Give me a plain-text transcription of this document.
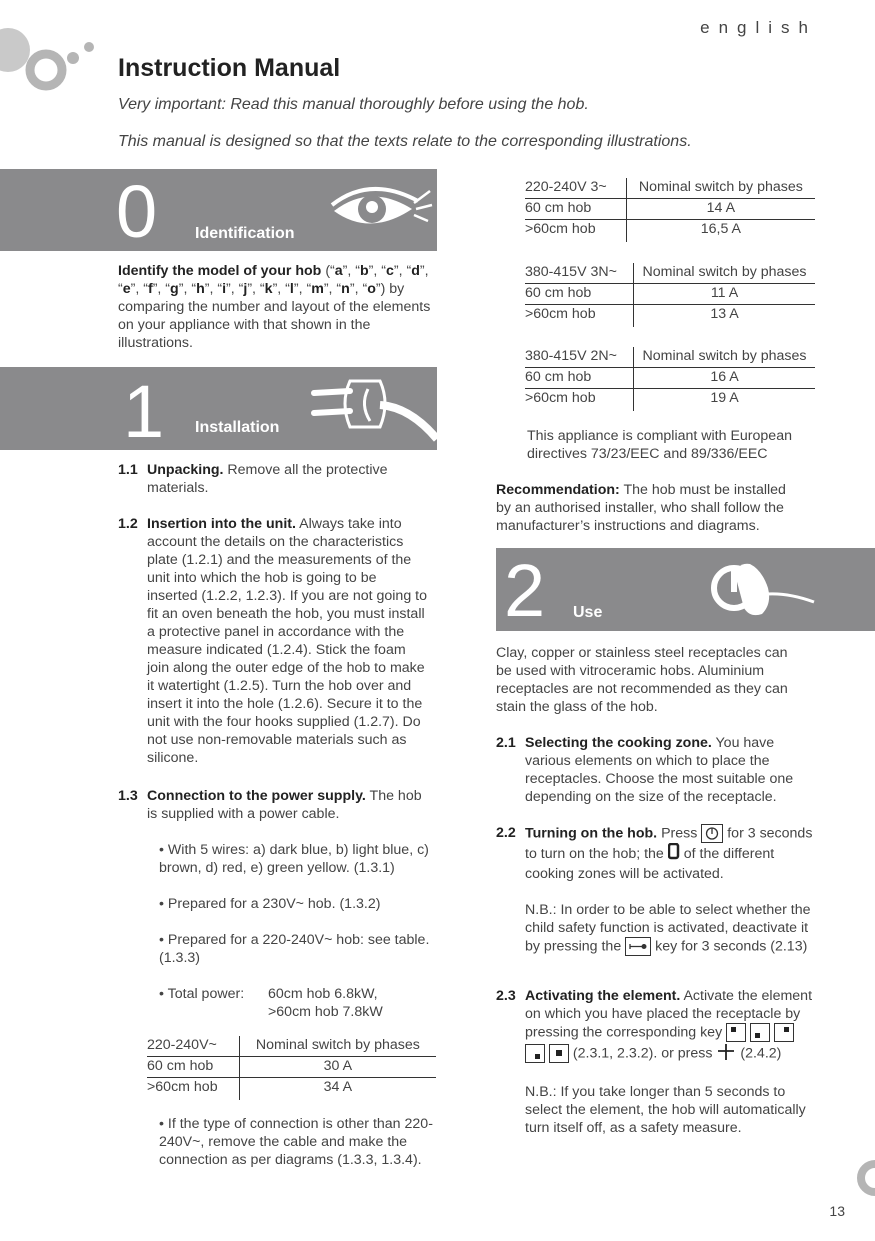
english
Instruction Manual
Very important: Read this manual thoroughly before using the hob.
This manual is designed so that the texts relate to the corresponding illustrations.
0 Identification
Identify the model of your hob (“a”, “b”, “c”, “d”, “e”, “f”, “g”, “h”, “i”, “j”, “k”, “l”, “m”, “n”, “o”) by comparing the number and layout of the elements on your appliance with that shown in the illustrations.
1 Installation
1.1 Unpacking. Remove all the protective materials.
1.2 Insertion into the unit. Always take into account the details on the characteristics plate (1.2.1) and the measurements of the unit into which the hob is going to be inserted (1.2.2, 1.2.3). If you are not going to fit an oven beneath the hob, you must install a protective panel in accordance with the measure indicated (1.2.4). Stick the foam join along the outer edge of the hob to make it watertight (1.2.5). Turn the hob over and insert it into the hole (1.2.6). Secure it to the unit with the four hooks supplied (1.2.7). Do not use non-removable materials such as silicone.
1.3 Connection to the power supply. The hob is supplied with a power cable.
• With 5 wires: a) dark blue, b) light blue, c) brown, d) red, e) green yellow. (1.3.1)
• Prepared for a 230V~ hob. (1.3.2)
• Prepared for a 220-240V~ hob: see table. (1.3.3)
• Total power: 60cm hob 6.8kW,
>60cm hob 7.8kW
220-240V~	Nominal switch by phases
60 cm hob	30 A
>60cm hob	34 A
• If the type of connection is other than 220-240V~, remove the cable and make the connection as per diagrams (1.3.3, 1.3.4).
220-240V 3~	Nominal switch by phases
60 cm hob	14 A
>60cm hob	16,5 A
380-415V 3N~	Nominal switch by phases
60 cm hob	11 A
>60cm hob	13 A
380-415V 2N~	Nominal switch by phases
60 cm hob	16 A
>60cm hob	19 A
This appliance is compliant with European directives 73/23/EEC and 89/336/EEC
Recommendation: The hob must be installed by an authorised installer, who shall follow the manufacturer’s instructions and diagrams.
2 Use
Clay, copper or stainless steel receptacles can be used with vitroceramic hobs. Aluminium receptacles are not recommended as they can stain the glass of the hob.
2.1 Selecting the cooking zone. You have various elements on which to place the receptacles. Choose the most suitable one depending on the size of the receptacle.
2.2 Turning on the hob. Press  for 3 seconds to turn on the hob; the  of the different cooking zones will be activated.

N.B.: In order to be able to select whether the child safety function is activated, deactivate it by pressing the  key for 3 seconds (2.13)
2.3 Activating the element. Activate the element on which you have placed the receptacle by pressing the corresponding key      (2.3.1, 2.3.2). or press  (2.4.2)

N.B.: If you take longer than 5 seconds to select the element, the hob will automatically turn itself off, as a safety measure.
13
